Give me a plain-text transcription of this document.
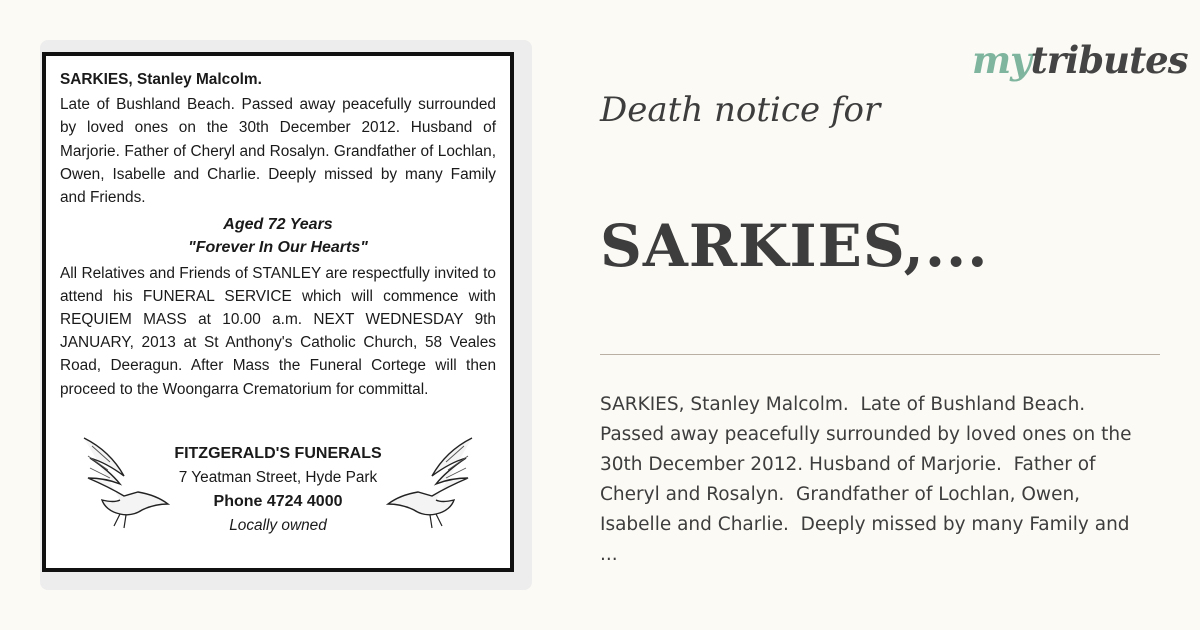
SARKIES, Stanley Malcolm.

Late of Bushland Beach. Passed away peacefully surrounded by loved ones on the 30th December 2012. Husband of Marjorie. Father of Cheryl and Rosalyn. Grandfather of Lochlan, Owen, Isabelle and Charlie. Deeply missed by many Family and Friends.

Aged 72 Years

"Forever In Our Hearts"

All Relatives and Friends of STANLEY are respectfully invited to attend his FUNERAL SERVICE which will commence with REQUIEM MASS at 10.00 a.m. NEXT WEDNESDAY 9th JANUARY, 2013 at St Anthony's Catholic Church, 58 Veales Road, Deeragun. After Mass the Funeral Cortege will then proceed to the Woongarra Crematorium for committal.

FITZGERALD'S FUNERALS
7 Yeatman Street, Hyde Park
Phone 4724 4000
Locally owned
mytributes
Death notice for
SARKIES,...
SARKIES, Stanley Malcolm.  Late of Bushland Beach.
Passed away peacefully surrounded by loved ones on the
30th December 2012. Husband of Marjorie.  Father of
Cheryl and Rosalyn.  Grandfather of Lochlan, Owen,
Isabelle and Charlie.  Deeply missed by many Family and
...
